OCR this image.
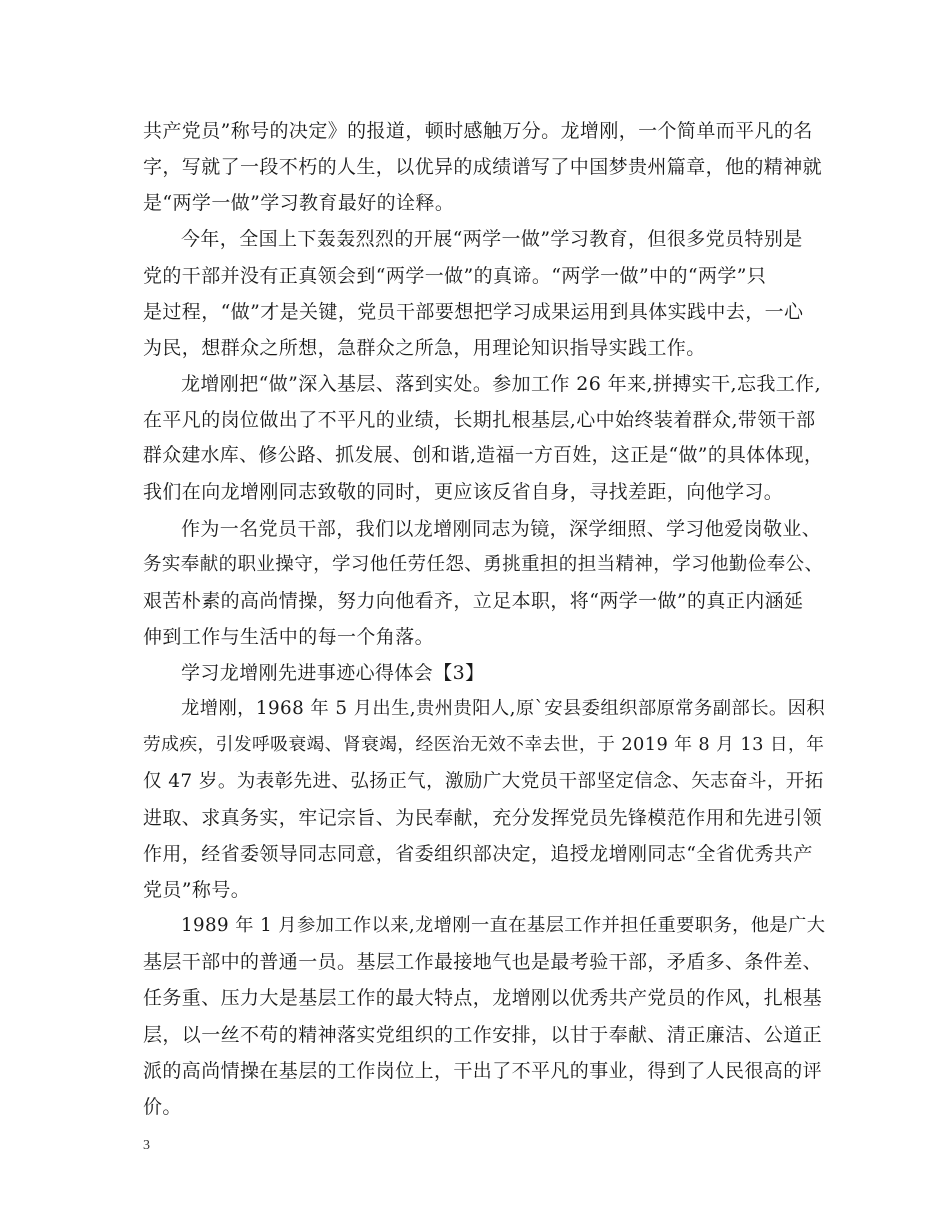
共产党员”称号的决定》的报道，顿时感触万分。龙增刚，一个简单而平凡的名
字，写就了一段不朽的人生，以优异的成绩谱写了中国梦贵州篇章，他的精神就
是“两学一做”学习教育最好的诠释。
今年，全国上下轰轰烈烈的开展“两学一做”学习教育，但很多党员特别是
党的干部并没有正真领会到“两学一做”的真谛。“两学一做”中的“两学”只
是过程，“做”才是关键，党员干部要想把学习成果运用到具体实践中去，一心
为民，想群众之所想，急群众之所急，用理论知识指导实践工作。
龙增刚把“做”深入基层、落到实处。参加工作 26 年来,拼搏实干,忘我工作,
在平凡的岗位做出了不平凡的业绩，长期扎根基层,心中始终装着群众,带领干部
群众建水库、修公路、抓发展、创和谐,造福一方百姓，这正是“做”的具体体现，
我们在向龙增刚同志致敬的同时，更应该反省自身，寻找差距，向他学习。
作为一名党员干部，我们以龙增刚同志为镜，深学细照、学习他爱岗敬业、
务实奉献的职业操守，学习他任劳任怨、勇挑重担的担当精神，学习他勤俭奉公、
艰苦朴素的高尚情操，努力向他看齐，立足本职，将“两学一做”的真正内涵延
伸到工作与生活中的每一个角落。
学习龙增刚先进事迹心得体会【3】
龙增刚，1968 年 5 月出生,贵州贵阳人,原`安县委组织部原常务副部长。因积
劳成疾，引发呼吸衰竭、肾衰竭，经医治无效不幸去世，于 2019 年 8 月 13 日，年
仅 47 岁。为表彰先进、弘扬正气，激励广大党员干部坚定信念、矢志奋斗，开拓
进取、求真务实，牢记宗旨、为民奉献，充分发挥党员先锋模范作用和先进引领
作用，经省委领导同志同意，省委组织部决定，追授龙增刚同志“全省优秀共产
党员”称号。
1989 年 1 月参加工作以来,龙增刚一直在基层工作并担任重要职务，他是广大
基层干部中的普通一员。基层工作最接地气也是最考验干部，矛盾多、条件差、
任务重、压力大是基层工作的最大特点，龙增刚以优秀共产党员的作风，扎根基
层，以一丝不苟的精神落实党组织的工作安排，以甘于奉献、清正廉洁、公道正
派的高尚情操在基层的工作岗位上，干出了不平凡的事业，得到了人民很高的评
价。
3
